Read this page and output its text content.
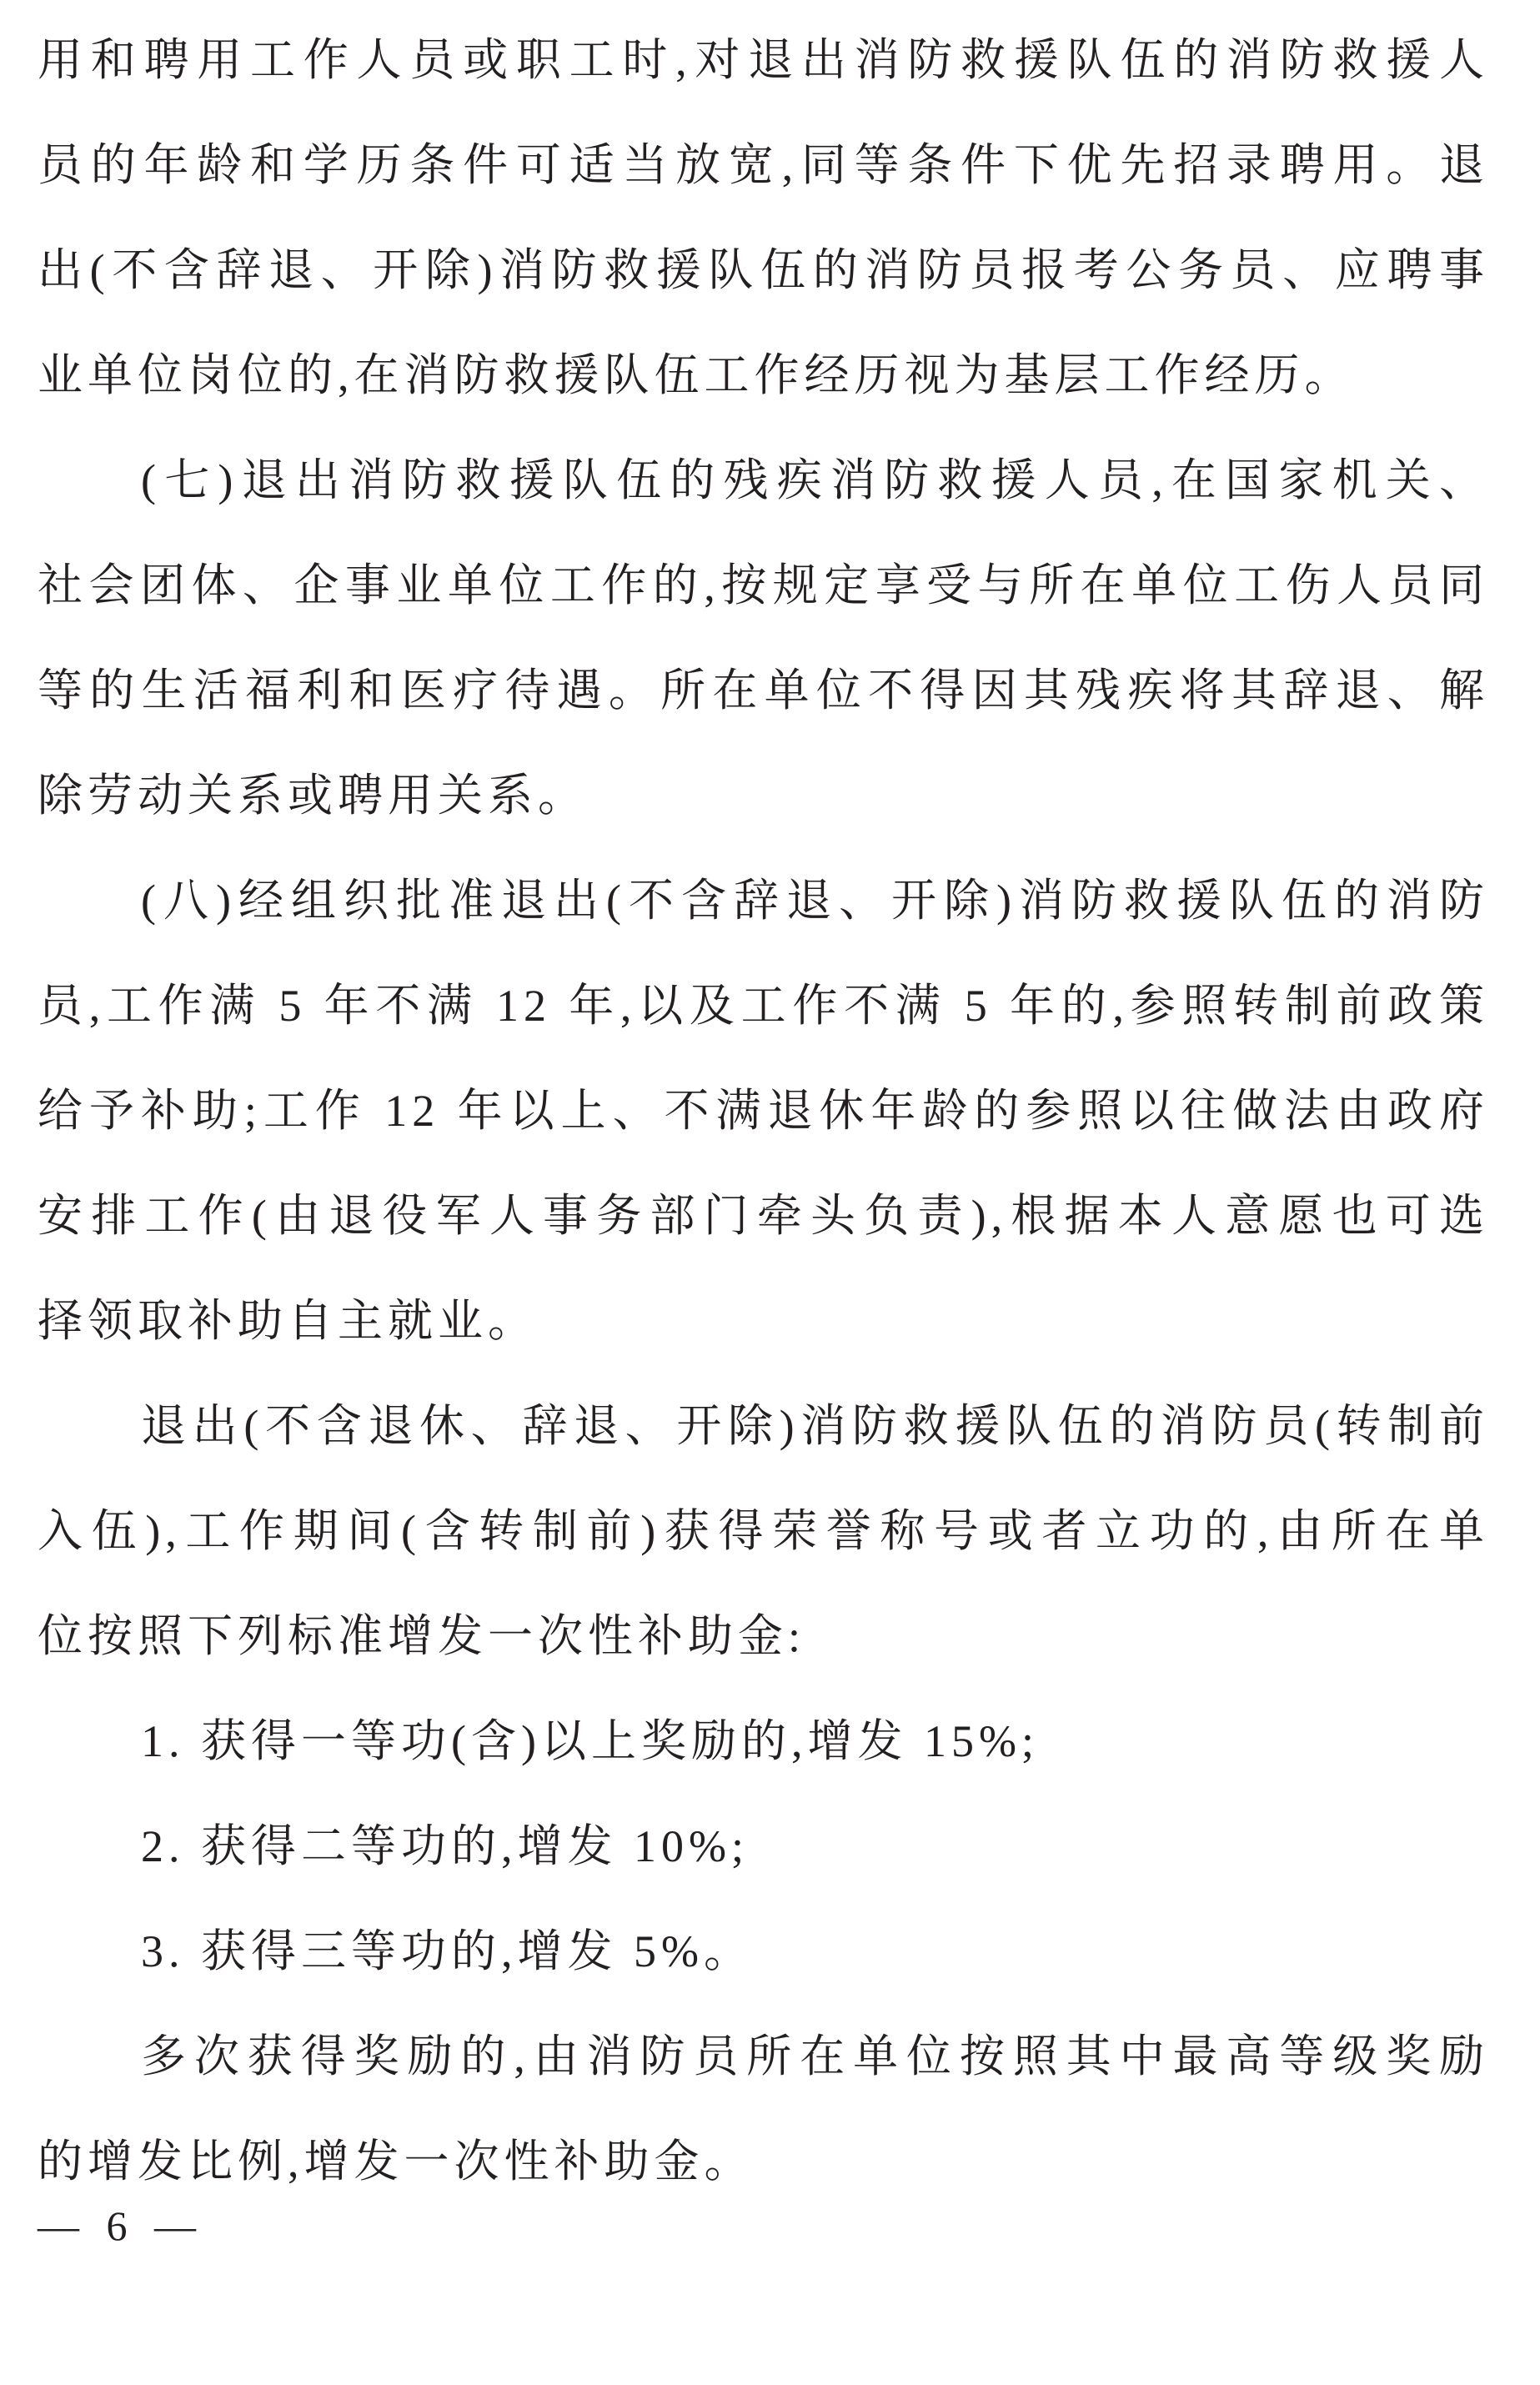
用和聘用工作人员或职工时,对退出消防救援队伍的消防救援人
员的年龄和学历条件可适当放宽,同等条件下优先招录聘用。退
出(不含辞退、开除)消防救援队伍的消防员报考公务员、应聘事
业单位岗位的,在消防救援队伍工作经历视为基层工作经历。
(七)退出消防救援队伍的残疾消防救援人员,在国家机关、
社会团体、企事业单位工作的,按规定享受与所在单位工伤人员同
等的生活福利和医疗待遇。所在单位不得因其残疾将其辞退、解
除劳动关系或聘用关系。
(八)经组织批准退出(不含辞退、开除)消防救援队伍的消防
员,工作满 5 年不满 12 年,以及工作不满 5 年的,参照转制前政策
给予补助;工作 12 年以上、不满退休年龄的参照以往做法由政府
安排工作(由退役军人事务部门牵头负责),根据本人意愿也可选
择领取补助自主就业。
退出(不含退休、辞退、开除)消防救援队伍的消防员(转制前
入伍),工作期间(含转制前)获得荣誉称号或者立功的,由所在单
位按照下列标准增发一次性补助金:
1. 获得一等功(含)以上奖励的,增发 15%;
2. 获得二等功的,增发 10%;
3. 获得三等功的,增发 5%。
多次获得奖励的,由消防员所在单位按照其中最高等级奖励
的增发比例,增发一次性补助金。
— 6 —
